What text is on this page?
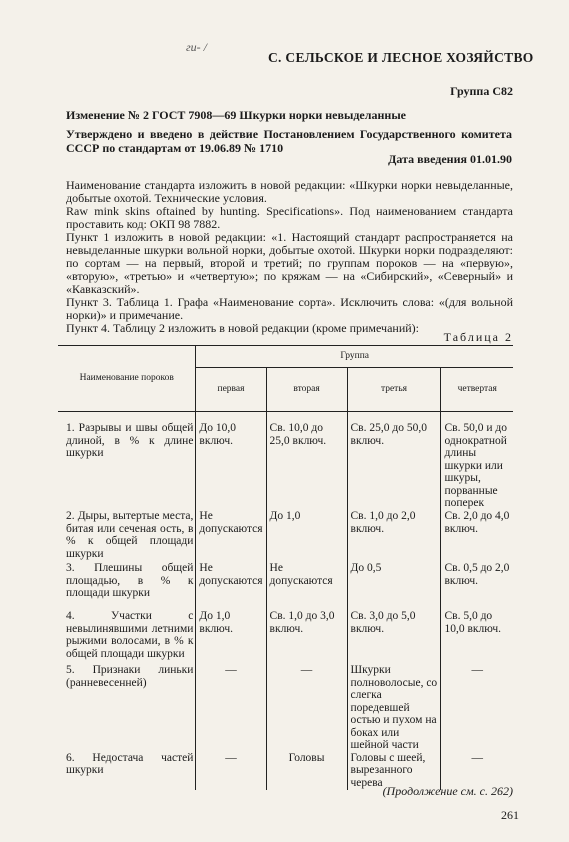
ги- /
С. СЕЛЬСКОЕ И ЛЕСНОЕ ХОЗЯЙСТВО
Группа С82
Изменение № 2 ГОСТ 7908—69 Шкурки норки невыделанные
Утверждено и введено в действие Постановлением Государственного комитета СССР по стандартам от 19.06.89 № 1710
Дата введения 01.01.90

Наименование стандарта изложить в новой редакции: «Шкурки норки невыделанные, добытые охотой. Технические условия.

Raw mink skins oftained by hunting. Specifications». Под наименованием стандарта проставить код: ОКП 98 7882.

Пункт 1 изложить в новой редакции: «1. Настоящий стандарт распространяется на невыделанные шкурки вольной норки, добытые охотой. Шкурки норки подразделяют: по сортам — на первый, второй и третий; по группам пороков — на «первую», «вторую», «третью» и «четвертую»; по кряжам — на «Сибирский», «Северный» и «Кавказский».

Пункт 3. Таблица 1. Графа «Наименование сорта». Исключить слова: «(для вольной норки)» и примечание.

Пункт 4. Таблицу 2 изложить в новой редакции (кроме примечаний):

Таблица 2
Наименование пороков	Группа			
	первая	вторая	третья	четвертая

1. Разрывы и швы общей длиной, в % к длине шкурки	До 10,0 включ.	Св. 10,0 до 25,0 включ.	Св. 25,0 до 50,0 включ.	Св. 50,0 и до однократной длины шкурки или шкуры, порванные поперек
2. Дыры, вытертые места, битая или сеченая ость, в % к общей площади шкурки	Не допускаются	До 1,0	Св. 1,0 до 2,0 включ.	Св. 2,0 до 4,0 включ.
3. Плешины общей площадью, в % к площади шкурки	Не допускаются	Не допускаются	До 0,5	Св. 0,5 до 2,0 включ.
4. Участки с невылинявшими летними рыжими волосами, в % к общей площади шкурки	До 1,0 включ.	Св. 1,0 до 3,0 включ.	Св. 3,0 до 5,0 включ.	Св. 5,0 до 10,0 включ.
5. Признаки линьки (ранневесенней)	—	—	Шкурки полноволосые, со слегка поредевшей остью и пухом на боках или шейной части	—
6. Недостача частей шкурки	—	Головы	Головы с шеей, вырезанного черева	—
(Продолжение см. с. 262)
261
